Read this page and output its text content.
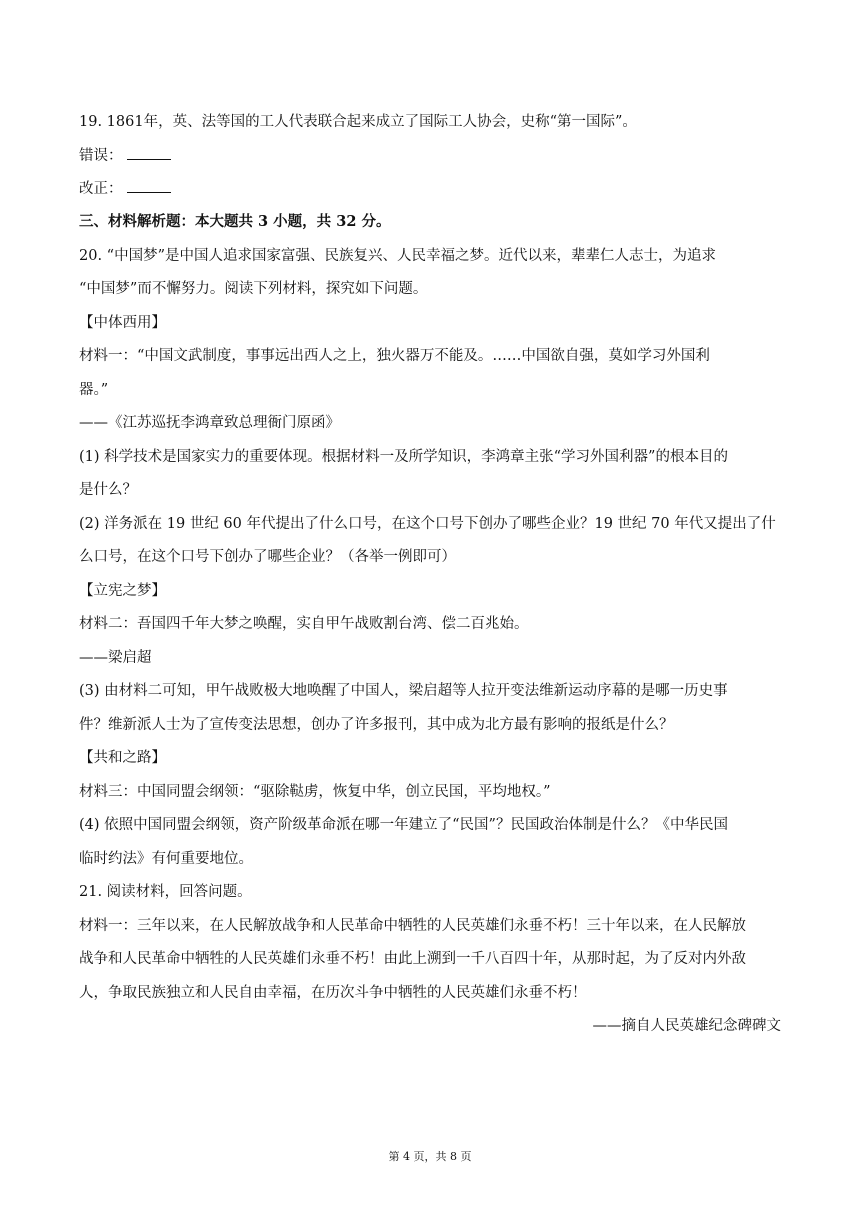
19. 1861年，英、法等国的工人代表联合起来成立了国际工人协会，史称“第一国际”。
错误：
改正：
三、材料解析题：本大题共 3 小题，共 32 分。
20. “中国梦”是中国人追求国家富强、民族复兴、人民幸福之梦。近代以来，辈辈仁人志士，为追求
“中国梦”而不懈努力。阅读下列材料，探究如下问题。
【中体西用】
材料一：“中国文武制度，事事远出西人之上，独火器万不能及。……中国欲自强，莫如学习外国利
器。”
——《江苏巡抚李鸿章致总理衙门原函》
(1) 科学技术是国家实力的重要体现。根据材料一及所学知识，李鸿章主张“学习外国利器”的根本目的
是什么？
(2) 洋务派在 19 世纪 60 年代提出了什么口号，在这个口号下创办了哪些企业？19 世纪 70 年代又提出了什
么口号，在这个口号下创办了哪些企业？（各举一例即可）
【立宪之梦】
材料二：吾国四千年大梦之唤醒，实自甲午战败割台湾、偿二百兆始。
——梁启超
(3) 由材料二可知，甲午战败极大地唤醒了中国人，梁启超等人拉开变法维新运动序幕的是哪一历史事
件？维新派人士为了宣传变法思想，创办了许多报刊，其中成为北方最有影响的报纸是什么？
【共和之路】
材料三：中国同盟会纲领：“驱除鞑虏，恢复中华，创立民国，平均地权。”
(4) 依照中国同盟会纲领，资产阶级革命派在哪一年建立了“民国”？民国政治体制是什么？《中华民国
临时约法》有何重要地位。
21. 阅读材料，回答问题。
材料一：三年以来，在人民解放战争和人民革命中牺牲的人民英雄们永垂不朽！三十年以来，在人民解放
战争和人民革命中牺牲的人民英雄们永垂不朽！由此上溯到一千八百四十年，从那时起，为了反对内外敌
人，争取民族独立和人民自由幸福，在历次斗争中牺牲的人民英雄们永垂不朽！
——摘自人民英雄纪念碑碑文
第 4 页，共 8 页
